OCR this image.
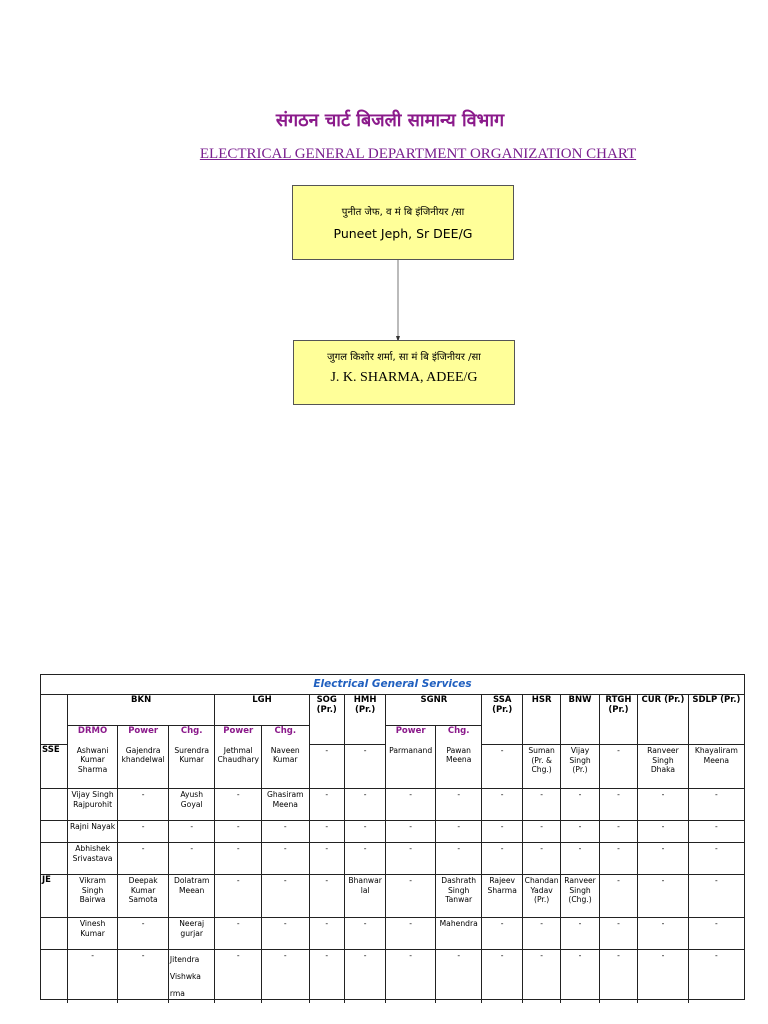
संगठन चार्ट बिजली सामान्य विभाग
ELECTRICAL GENERAL DEPARTMENT ORGANIZATION CHART
पुनीत जेफ, व मं बि इंजिनीयर /सा
Puneet Jeph, Sr DEE/G
जुगल किशोर शर्मा, सा मं बि इंजिनीयर /सा
J. K. SHARMA, ADEE/G
Electrical General Services
	BKN			LGH		SOG (Pr.)	HMH (Pr.)	SGNR		SSA (Pr.)	HSR	BNW	RTGH (Pr.)	CUR (Pr.)	SDLP (Pr.)
	DRMO	Power	Chg.	Power	Chg.			Power	Chg.						
SSE	Ashwani Kumar Sharma	Gajendra khandelwal	Surendra Kumar	Jethmal Chaudhary	Naveen Kumar	-	-	Parmanand	Pawan Meena	-	Suman (Pr. & Chg.)	Vijay Singh (Pr.)	-	Ranveer Singh Dhaka	Khayaliram Meena
	Vijay Singh Rajpurohit	-	Ayush Goyal	-	Ghasiram Meena	-	-	-	-	-	-	-	-	-	-
	Rajni Nayak	-	-	-	-	-	-	-	-	-	-	-	-	-	-
	Abhishek Srivastava	-	-	-	-	-	-	-	-	-	-	-	-	-	-
JE	Vikram Singh Bairwa	Deepak Kumar Samota	Dolatram Meean	-	-	-	Bhanwar lal	-	Dashrath Singh Tanwar	Rajeev Sharma	Chandan Yadav (Pr.)	Ranveer Singh (Chg.)	-	-	-
	Vinesh Kumar	-	Neeraj gurjar	-	-	-	-	-	Mahendra	-	-	-	-	-	-
	-	-	Jitendra Vishwka rma	-	-	-	-	-	-	-	-	-	-	-	-
